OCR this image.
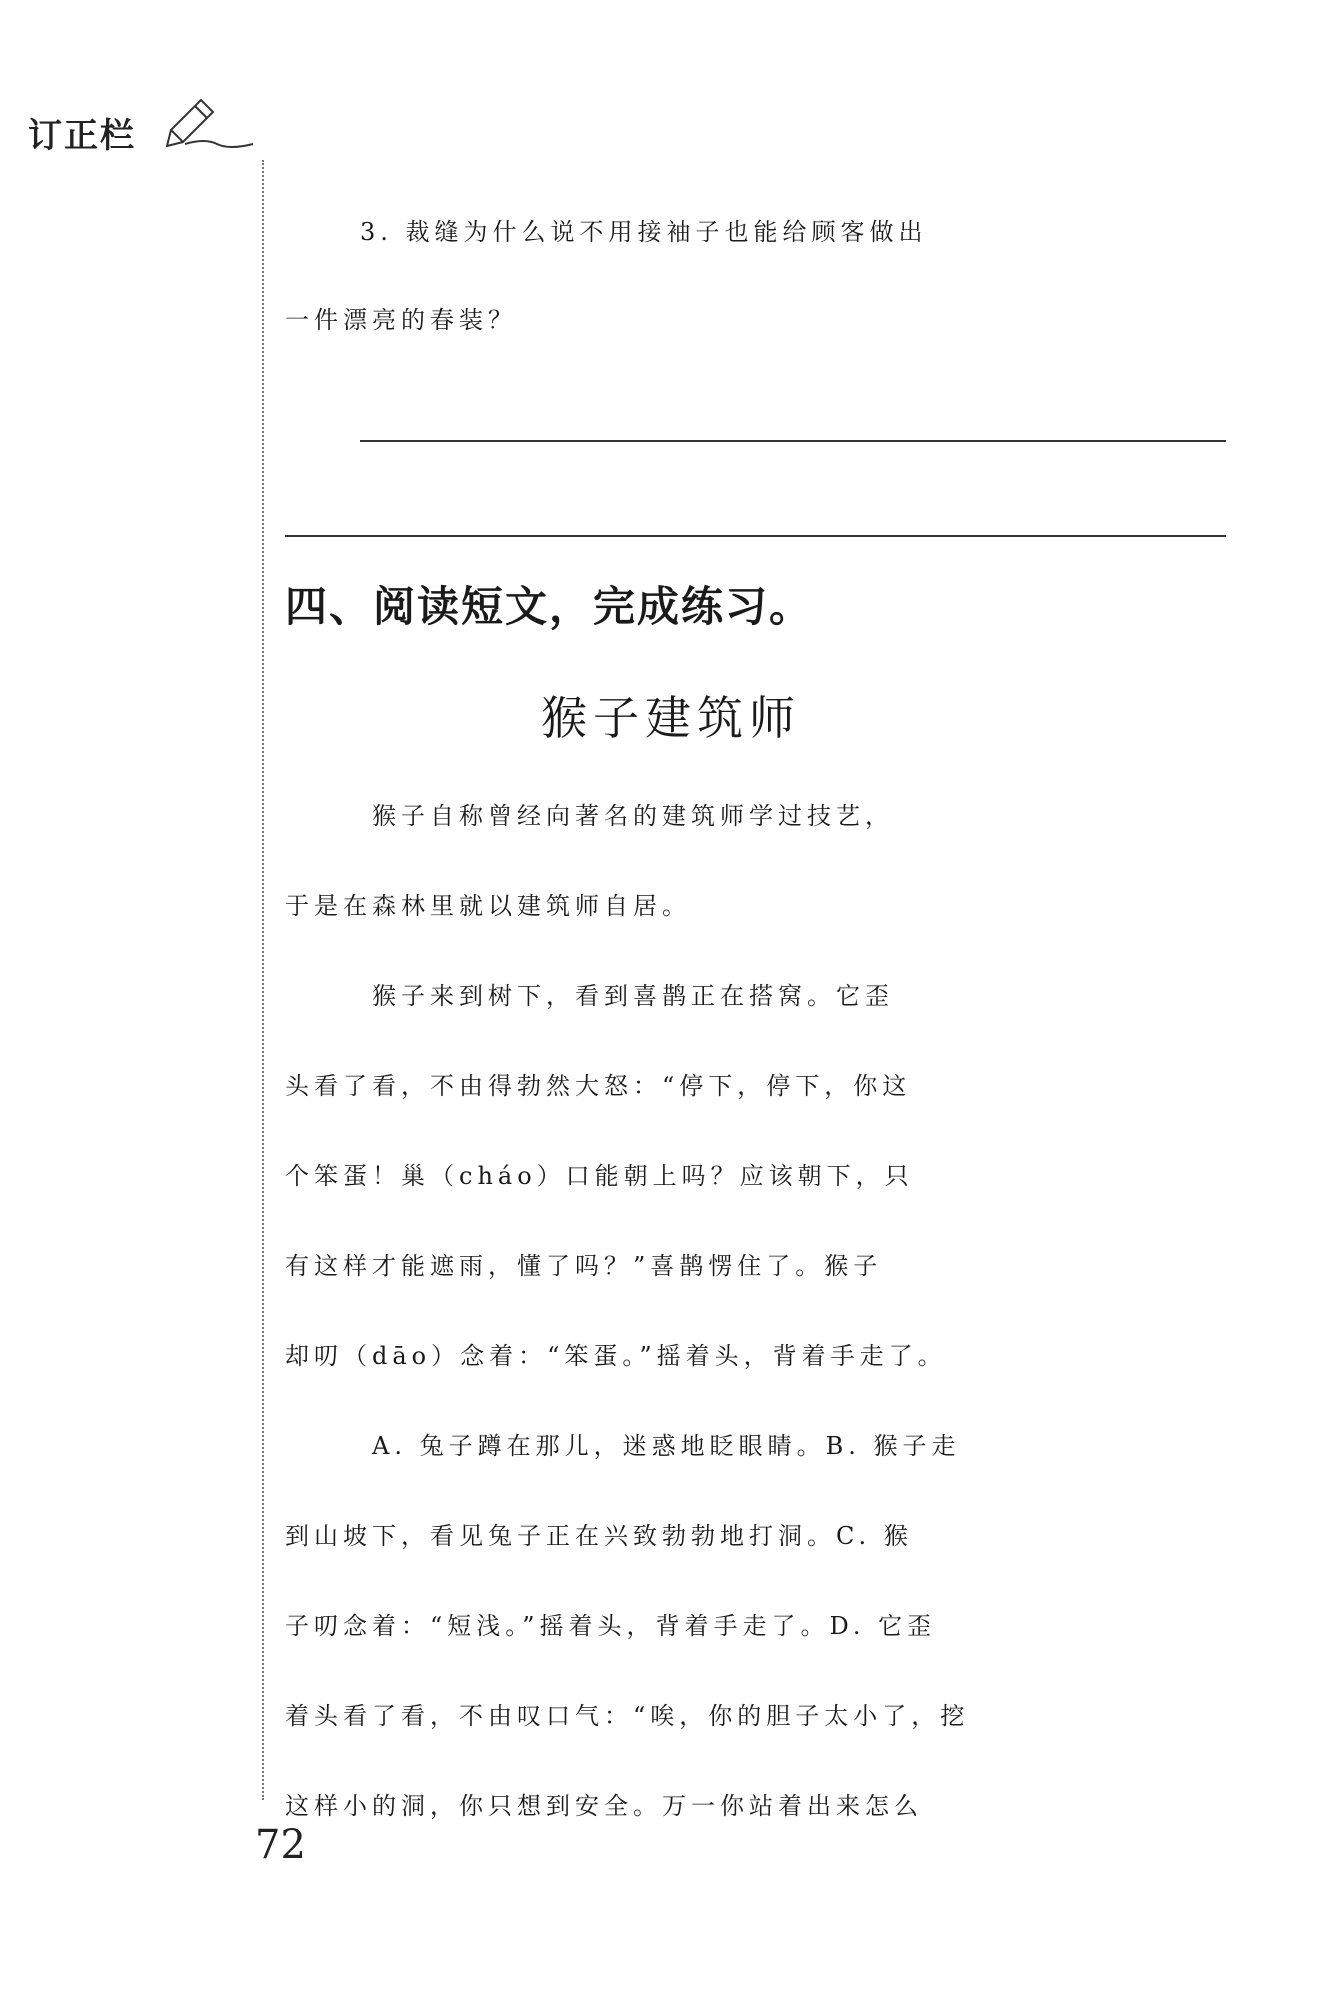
订正栏
3. 裁缝为什么说不用接袖子也能给顾客做出
一件漂亮的春装？
四、阅读短文，完成练习。
猴子建筑师
猴子自称曾经向著名的建筑师学过技艺，
于是在森林里就以建筑师自居。
猴子来到树下，看到喜鹊正在搭窝。它歪
头看了看，不由得勃然大怒：“停下，停下，你这
个笨蛋！巢（cháo）口能朝上吗？应该朝下，只
有这样才能遮雨，懂了吗？”喜鹊愣住了。猴子
却叨（dāo）念着：“笨蛋。”摇着头，背着手走了。
A. 兔子蹲在那儿，迷惑地眨眼睛。B. 猴子走
到山坡下，看见兔子正在兴致勃勃地打洞。C. 猴
子叨念着：“短浅。”摇着头，背着手走了。D. 它歪
着头看了看，不由叹口气：“唉，你的胆子太小了，挖
这样小的洞，你只想到安全。万一你站着出来怎么
72
